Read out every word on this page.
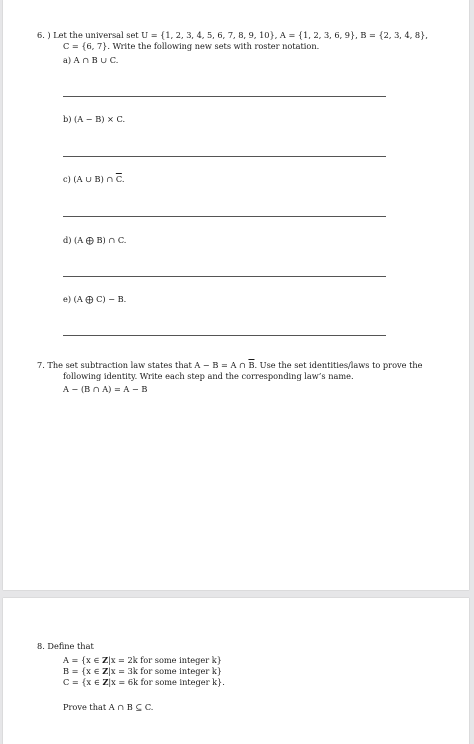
6. ) Let the universal set U = {1, 2, 3, 4, 5, 6, 7, 8, 9, 10}, A = {1, 2, 3, 6, 9}, B = {2, 3, 4, 8},
C = {6, 7}. Write the following new sets with roster notation.
a) A ∩ B ∪ C.
b) (A − B) × C.
c) (A ∪ B) ∩ $\overline{C}$.
d) (A ⨁ B) ∩ C.
e) (A ⨁ C) − B.
7. The set subtraction law states that A − B = A ∩ $\overline{B}$. Use the set identities/laws to prove the
following identity. Write each step and the corresponding law’s name.
A − (B ∩ A) = A − B
8. Define that
A = {x ∈ Z|x = 2k for some integer k}
B = {x ∈ Z|x = 3k for some integer k}
C = {x ∈ Z|x = 6k for some integer k}.
Prove that A ∩ B ⊆ C.
